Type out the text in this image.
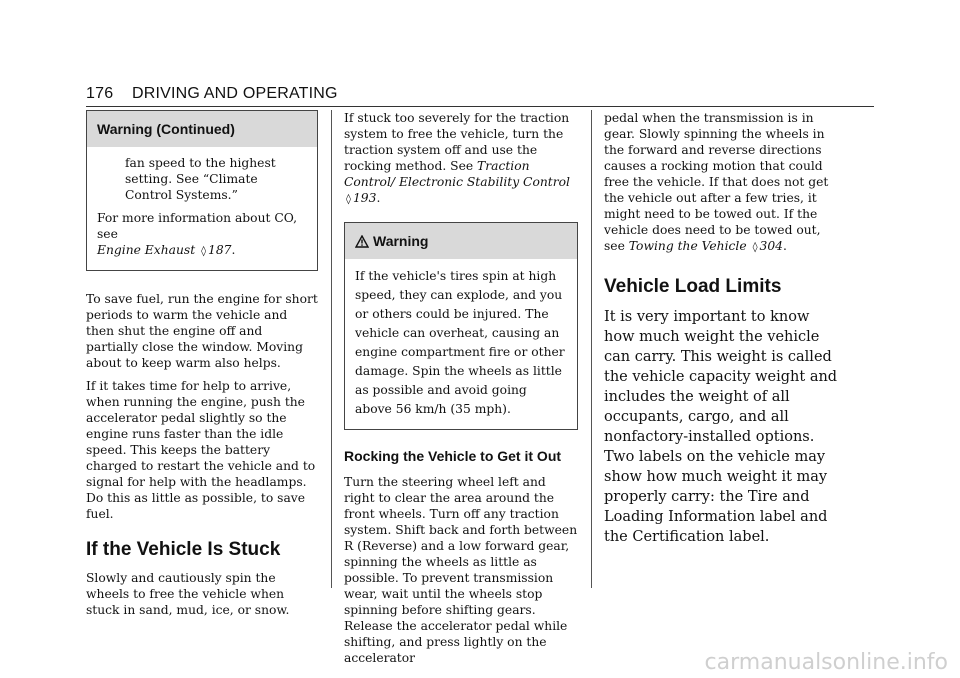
176 DRIVING AND OPERATING
Warning (Continued)

fan speed to the highest setting. See “Climate Control Systems.”

For more information about CO, see
Engine Exhaust ◊ 187.

To save fuel, run the engine for short periods to warm the vehicle and then shut the engine off and partially close the window. Moving about to keep warm also helps.

If it takes time for help to arrive, when running the engine, push the accelerator pedal slightly so the engine runs faster than the idle speed. This keeps the battery charged to restart the vehicle and to signal for help with the headlamps. Do this as little as possible, to save fuel.

If the Vehicle Is Stuck

Slowly and cautiously spin the wheels to free the vehicle when stuck in sand, mud, ice, or snow.

If stuck too severely for the traction system to free the vehicle, turn the traction system off and use the rocking method. See Traction Control/ Electronic Stability Control ◊ 193.

Warning

If the vehicle's tires spin at high speed, they can explode, and you or others could be injured. The vehicle can overheat, causing an engine compartment fire or other damage. Spin the wheels as little as possible and avoid going above 56 km/h (35 mph).

Rocking the Vehicle to Get it Out

Turn the steering wheel left and right to clear the area around the front wheels. Turn off any traction system. Shift back and forth between R (Reverse) and a low forward gear, spinning the wheels as little as possible. To prevent transmission wear, wait until the wheels stop spinning before shifting gears. Release the accelerator pedal while shifting, and press lightly on the accelerator

pedal when the transmission is in gear. Slowly spinning the wheels in the forward and reverse directions causes a rocking motion that could free the vehicle. If that does not get the vehicle out after a few tries, it might need to be towed out. If the vehicle does need to be towed out, see Towing the Vehicle ◊ 304.

Vehicle Load Limits

It is very important to know how much weight the vehicle can carry. This weight is called the vehicle capacity weight and includes the weight of all occupants, cargo, and all nonfactory-installed options. Two labels on the vehicle may show how much weight it may properly carry: the Tire and Loading Information label and the Certification label.

carmanualsonline.info
